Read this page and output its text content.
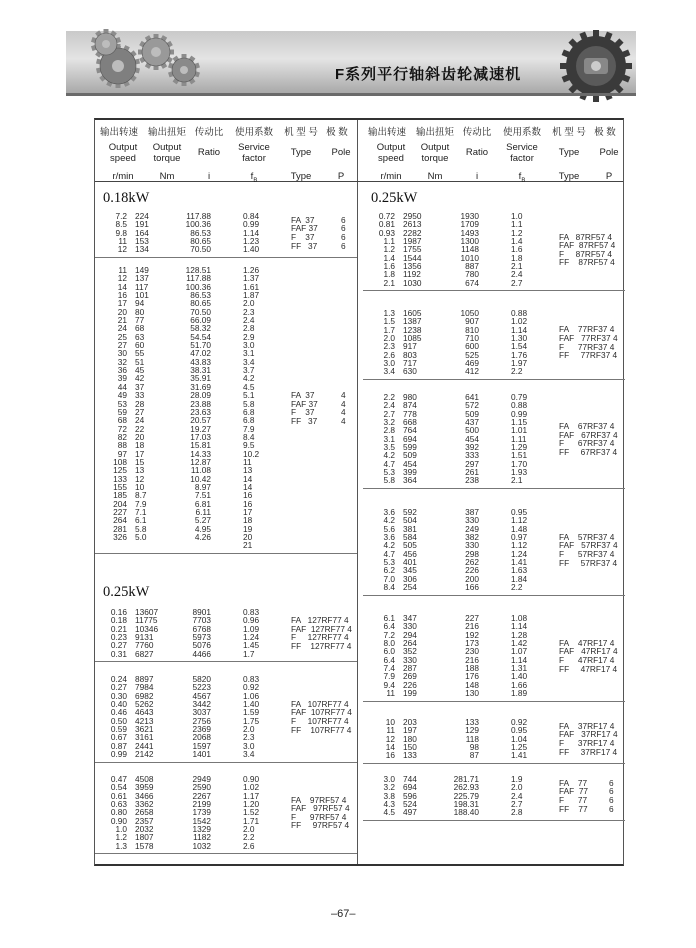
F系列平行轴斜齿轮减速机
输出转速
Output
speed
r/min
输出扭矩
Output
torque
Nm
传动比
Ratio
i
使用系数
Service
factor
$f_B$
机 型 号
Type
Type
极 数
Pole
P
输出转速
Output
speed
r/min
输出扭矩
Output
torque
Nm
传动比
Ratio
i
使用系数
Service
factor
$f_B$
机 型 号
Type
Type
极 数
Pole
P
0.18kW
7.2
8.5
9.8
11
12
224
191
164
153
134
117.88
100.36
86.53
80.65
70.50
0.84
0.99
1.14
1.23
1.40
FA  37
FAF 37
F    37
FF   37
6
6
6
6
11
12
14
16
17
20
21
24
25
27
30
32
36
39
44
49
53
59
68
72
82
88
97
108
125
133
155
185
204
227
264
281
326
149
137
117
101
94
80
77
68
63
60
55
51
45
42
37
33
28
27
24
22
20
18
17
15
13
12
10
8.7
7.9
7.1
6.1
5.8
5.0
128.51
117.88
100.36
86.53
80.65
70.50
66.09
58.32
54.54
51.70
47.02
43.83
38.31
35.91
31.69
28.09
23.88
23.63
20.57
19.27
17.03
15.81
14.33
12.87
11.08
10.42
8.97
7.51
6.81
6.11
5.27
4.95
4.26
1.26
1.37
1.61
1.87
2.0
2.3
2.4
2.8
2.9
3.0
3.1
3.4
3.7
4.2
4.5
5.1
5.8
6.8
6.8
7.9
8.4
9.5
10.2
11
13
14
14
16
16
17
18
19
20
21
FA  37
FAF 37
F    37
FF   37
4
4
4
4
0.25kW
0.16
0.18
0.21
0.23
0.27
0.31
13607
11775
10346
9131
7760
6827
8901
7703
6768
5973
5076
4466
0.83
0.96
1.09
1.24
1.45
1.7
FA   127RF77 4
FAF  127RF77 4
F     127RF77 4
FF    127RF77 4
0.24
0.27
0.30
0.40
0.46
0.50
0.59
0.67
0.87
0.99
8897
7984
6982
5262
4643
4213
3621
3161
2441
2142
5820
5223
4567
3442
3037
2756
2369
2068
1597
1401
0.83
0.92
1.06
1.40
1.59
1.75
2.0
2.3
3.0
3.4
FA   107RF77 4
FAF  107RF77 4
F     107RF77 4
FF    107RF77 4
0.47
0.54
0.61
0.63
0.80
0.90
1.0
1.2
1.3
4508
3959
3466
3362
2658
2357
2032
1807
1578
2949
2590
2267
2199
1739
1542
1329
1182
1032
0.90
1.02
1.17
1.20
1.52
1.71
2.0
2.2
2.6
FA    97RF57 4
FAF   97RF57 4
F      97RF57 4
FF     97RF57 4
0.25kW
0.72
0.81
0.93
1.1
1.2
1.4
1.6
1.8
2.1
2950
2613
2282
1987
1755
1544
1356
1192
1030
1930
1709
1493
1300
1148
1010
887
780
674
1.0
1.1
1.2
1.4
1.6
1.8
2.1
2.4
2.7
FA   87RF57 4
FAF  87RF57 4
F     87RF57 4
FF    87RF57 4
1.3
1.5
1.7
2.0
2.3
2.6
3.0
3.4
1605
1387
1238
1085
917
803
717
630
1050
907
810
710
600
525
469
412
0.88
1.02
1.14
1.30
1.54
1.76
1.97
2.2
FA    77RF37 4
FAF   77RF37 4
F      77RF37 4
FF     77RF37 4
2.2
2.4
2.7
3.2
2.8
3.1
3.5
4.2
4.7
5.3
5.8
980
874
778
668
764
694
599
509
454
399
364
641
572
509
437
500
454
392
333
297
261
238
0.79
0.88
0.99
1.15
1.01
1.11
1.29
1.51
1.70
1.93
2.1
FA    67RF37 4
FAF   67RF37 4
F      67RF37 4
FF     67RF37 4
3.6
4.2
5.6
3.6
4.2
4.7
5.3
6.2
7.0
8.4
592
504
381
584
505
456
401
345
306
254
387
330
249
382
330
298
262
226
200
166
0.95
1.12
1.48
0.97
1.12
1.24
1.41
1.63
1.84
2.2
FA    57RF37 4
FAF   57RF37 4
F      57RF37 4
FF     57RF37 4
6.1
6.4
7.2
8.0
6.0
6.4
7.4
7.9
9.4
11
347
330
294
264
352
330
287
269
226
199
227
216
192
173
230
216
188
176
148
130
1.08
1.14
1.28
1.42
1.07
1.14
1.31
1.40
1.66
1.89
FA    47RF17 4
FAF   47RF17 4
F      47RF17 4
FF     47RF17 4
10
11
12
14
16
203
197
180
150
133
133
129
118
98
87
0.92
0.95
1.04
1.25
1.41
FA    37RF17 4
FAF   37RF17 4
F      37RF17 4
FF     37RF17 4
3.0
3.2
3.8
4.3
4.5
744
694
596
524
497
281.71
262.93
225.79
198.31
188.40
1.9
2.0
2.4
2.7
2.8
FA    77
FAF  77
F      77
FF    77
6
6
6
6
–67–
